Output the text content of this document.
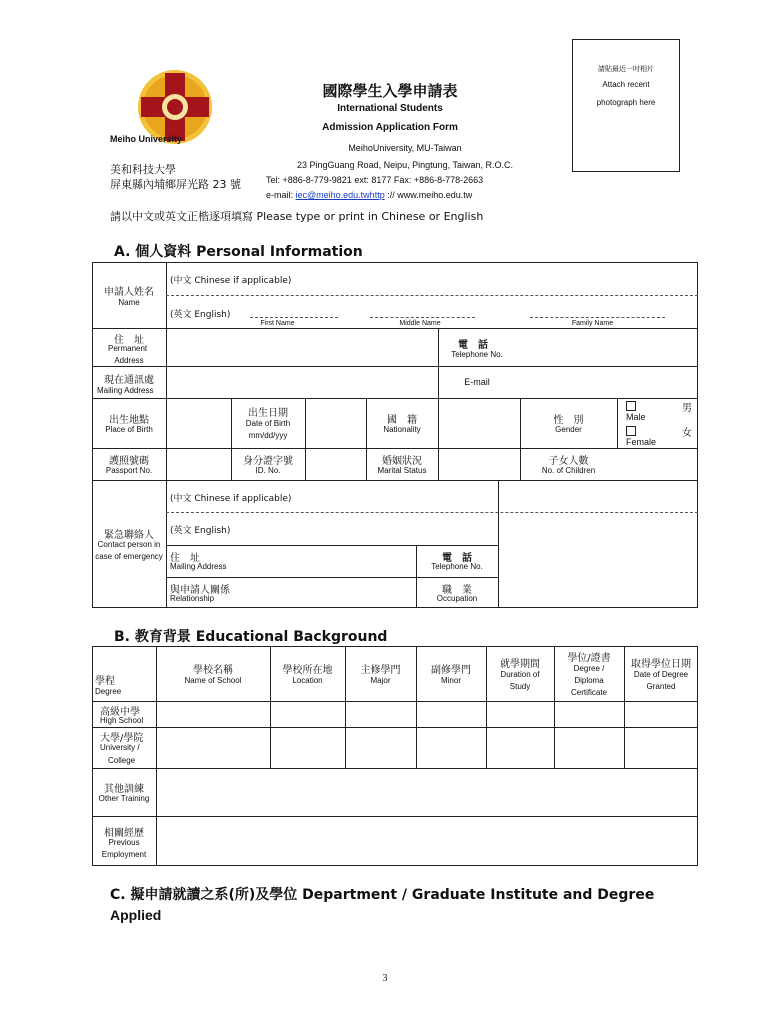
請貼最近一吋相片
Attach recent
photograph here
Meiho University
美和科技大學
屏東縣內埔鄉屏光路 23 號
國際學生入學申請表
International Students
Admission Application Form
MeihoUniversity, MU-Taiwan
23 PingGuang Road, Neipu, Pingtung, Taiwan, R.O.C.
Tel: +886-8-779-9821 ext: 8177 Fax: +886-8-778-2663
e-mail: iec@meiho.edu.twhttp :// www.meiho.edu.tw
請以中文或英文正楷逐項填寫 Please type or print in Chinese or English
A. 個人資料 Personal Information
申請人姓名
Name
(中文 Chinese if applicable)
(英文 English)
First Name	Middle Name	Family Name
住　址
Permanent
Address
電　話
Telephone No.
現在通訊處
Mailing Address
E-mail
出生地點
Place of Birth
出生日期
Date of Birth
mm/dd/yyy
國　籍
Nationality
性　別
Gender
男
Male
女
Female
護照號碼
Passport No.
身分證字號
ID. No.
婚姻狀況
Marital Status
子女人數
No. of Children
緊急聯絡人
Contact person in
case of emergency
(中文 Chinese if applicable)
(英文 English)
住　址
Mailing Address
電　話
Telephone No.
與申請人關係
Relationship
職　業
Occupation
B. 教育背景 Educational Background
學程
Degree
學校名稱
Name of School
學校所在地
Location
主修學門
Major
副修學門
Minor
就學期間
Duration of
Study
學位/證書
Degree /
Diploma
Certificate
取得學位日期
Date of Degree
Granted
高級中學
High School
大學/學院
University /
College
其他訓練
Other Training
相關經歷
Previous
Employment
C. 擬申請就讀之系(所)及學位 Department / Graduate Institute and Degree
Applied
3
